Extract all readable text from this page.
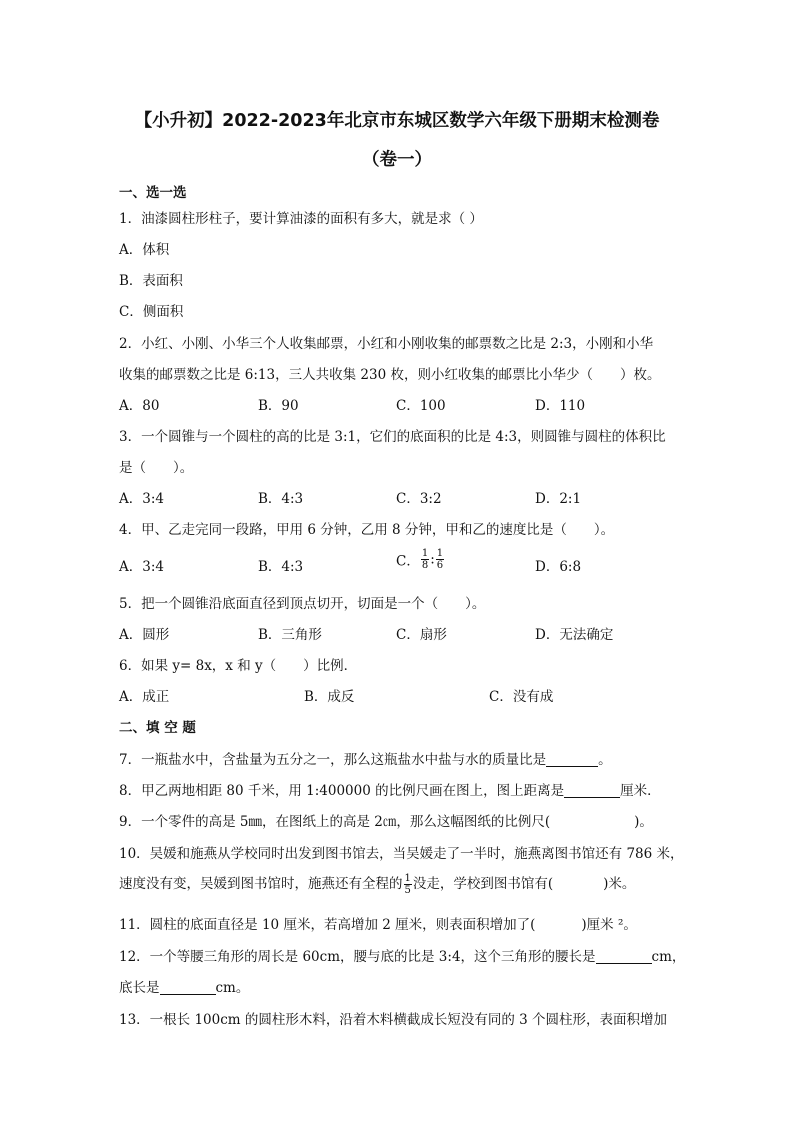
【小升初】2022-2023年北京市东城区数学六年级下册期末检测卷
（卷一）
一、选一选
1．油漆圆柱形柱子，要计算油漆的面积有多大，就是求（ ）
A．体积
B．表面积
C．侧面积
2．小红、小刚、小华三个人收集邮票，小红和小刚收集的邮票数之比是 2:3，小刚和小华
收集的邮票数之比是 6:13，三人共收集 230 枚，则小红收集的邮票比小华少（　　）枚。
A．80	B．90	C．100	D．110
3．一个圆锥与一个圆柱的高的比是 3:1，它们的底面积的比是 4:3，则圆锥与圆柱的体积比
是（　　）。
A．3:4	B．4:3	C．3:2	D．2:1
4．甲、乙走完同一段路，甲用 6 分钟，乙用 8 分钟，甲和乙的速度比是（　　）。
A．3:4	B．4:3	C． $\frac{1}{8}$ : $\frac{1}{6}$	D．6:8
5．把一个圆锥沿底面直径到顶点切开，切面是一个（　　）。
A．圆形	B．三角形	C．扇形	D．无法确定
6．如果 y= 8x，x 和 y（　　）比例．
A．成正	B．成反	C．没有成
二、填 空 题
7．一瓶盐水中，含盐量为五分之一，那么这瓶盐水中盐与水的质量比是	。
8．甲乙两地相距 80 千米，用 1:400000 的比例尺画在图上，图上距离是	厘米．
9．一个零件的高是 5㎜，在图纸上的高是 2㎝，那么这幅图纸的比例尺(	)。
10．吴媛和施燕从学校同时出发到图书馆去，当吴媛走了一半时，施燕离图书馆还有 786 米，
速度没有变，吴媛到图书馆时，施燕还有全程的 $\frac{1}{5}$ 没走，学校到图书馆有(	)米。
11．圆柱的底面直径是 10 厘米，若高增加 2 厘米，则表面积增加了(	)厘米 ²。
12．一个等腰三角形的周长是 60cm，腰与底的比是 3:4，这个三角形的腰长是	cm，
底长是	cm。
13．一根长 100cm 的圆柱形木料，沿着木料横截成长短没有同的 3 个圆柱形，表面积增加
